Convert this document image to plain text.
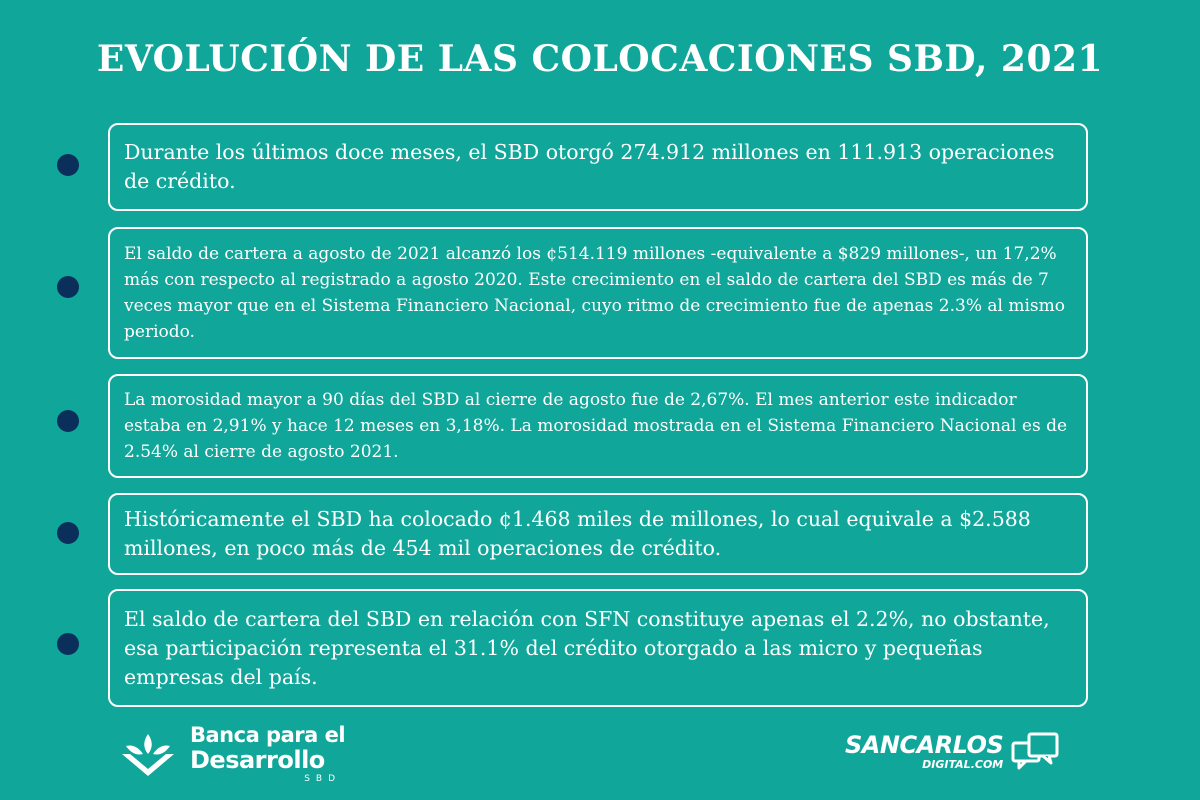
EVOLUCIÓN DE LAS COLOCACIONES SBD, 2021
Durante los últimos doce meses, el SBD otorgó 274.912 millones en 111.913 operaciones de crédito.
El saldo de cartera a agosto de 2021 alcanzó los ¢514.119 millones -equivalente a $829 millones-, un 17,2% más con respecto al registrado a agosto 2020. Este crecimiento en el saldo de cartera del SBD es más de 7 veces mayor que en el Sistema Financiero Nacional, cuyo ritmo de crecimiento fue de apenas 2.3% al mismo periodo.
La morosidad mayor a 90 días del SBD al cierre de agosto fue de 2,67%. El mes anterior este indicador estaba en 2,91% y hace 12 meses en 3,18%. La morosidad mostrada en el Sistema Financiero Nacional es de 2.54% al cierre de agosto 2021.
Históricamente el SBD ha colocado ¢1.468 miles de millones, lo cual equivale a $2.588 millones, en poco más de 454 mil operaciones de crédito.
El saldo de cartera del SBD en relación con SFN constituye apenas el 2.2%, no obstante, esa participación representa el 31.1% del crédito otorgado a las micro y pequeñas empresas del país.
Banca para el
Desarrollo
SBD
SANCARLOS
DIGITAL.COM
